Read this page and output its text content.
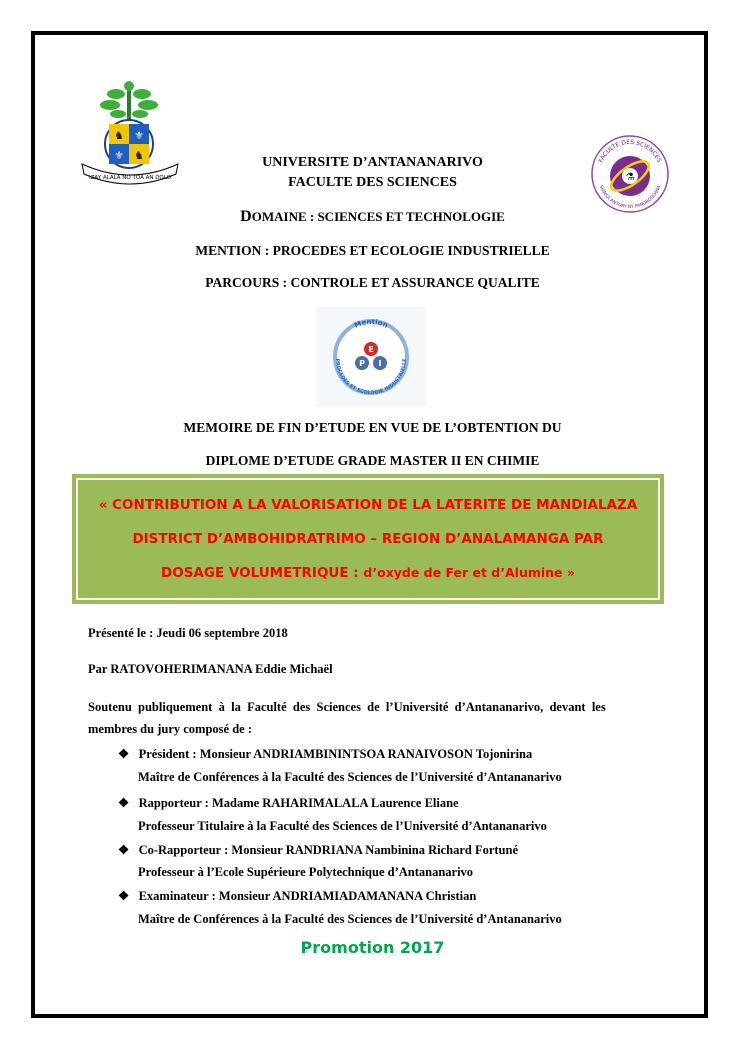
♞ ⚜
⚜ ♞
IZAY ALALA NO TOA AN DOLO
FACULTE DES SCIENCES
SIANSA ANTORY NY FANDROSOANA
⚗
Mention
PROCEDES ET ECOLOGIE INDUSTRIELLE
E
P I
UNIVERSITE D’ANTANANARIVO
FACULTE DES SCIENCES
DOMAINE : SCIENCES ET TECHNOLOGIE
MENTION : PROCEDES ET ECOLOGIE INDUSTRIELLE
PARCOURS : CONTROLE ET ASSURANCE QUALITE
MEMOIRE DE FIN D’ETUDE EN VUE DE L’OBTENTION DU
DIPLOME D’ETUDE GRADE MASTER II EN CHIMIE
« CONTRIBUTION A LA VALORISATION DE LA LATERITE DE MANDIALAZA
DISTRICT D’AMBOHIDRATRIMO – REGION D’ANALAMANGA PAR
DOSAGE VOLUMETRIQUE : d’oxyde de Fer et d’Alumine »
Présenté le : Jeudi 06 septembre 2018
Par RATOVOHERIMANANA Eddie Michaël
Soutenu  publiquement  à  la  Faculté  des  Sciences  de  l’Université  d’Antananarivo,  devant  les
membres du jury composé de :
❖ Président : Monsieur ANDRIAMBININTSOA RANAIVOSON Tojonirina
Maître de Conférences à la Faculté des Sciences de l’Université d’Antananarivo
❖ Rapporteur : Madame RAHARIMALALA Laurence Eliane
Professeur Titulaire à la Faculté des Sciences de l’Université d’Antananarivo
❖ Co-Rapporteur : Monsieur RANDRIANA Nambinina Richard Fortuné
Professeur à l’Ecole Supérieure Polytechnique d’Antananarivo
❖ Examinateur : Monsieur ANDRIAMIADAMANANA Christian
Maître de Conférences à la Faculté des Sciences de l’Université d’Antananarivo
Promotion 2017
